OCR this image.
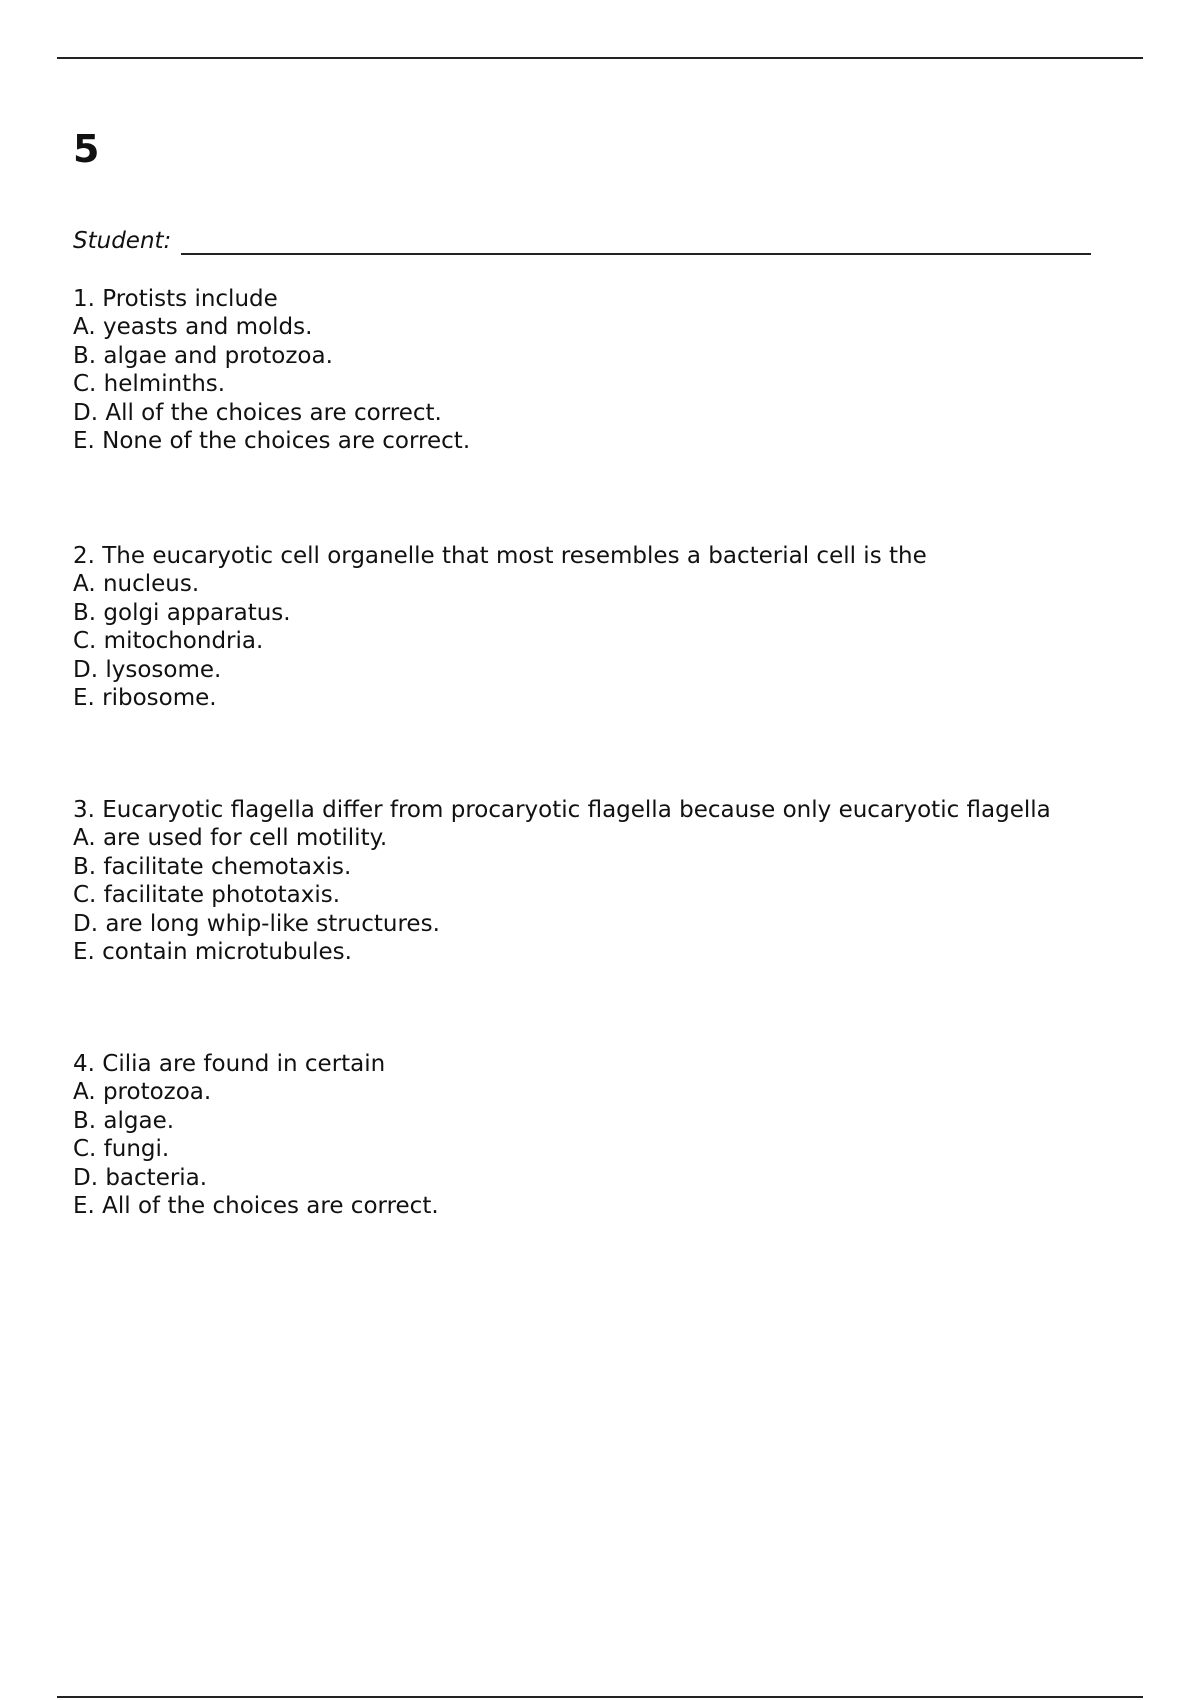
5
Student:
1. Protists include
A. yeasts and molds.
B. algae and protozoa.
C. helminths.
D. All of the choices are correct.
E. None of the choices are correct.
2. The eucaryotic cell organelle that most resembles a bacterial cell is the
A. nucleus.
B. golgi apparatus.
C. mitochondria.
D. lysosome.
E. ribosome.
3. Eucaryotic flagella differ from procaryotic flagella because only eucaryotic flagella
A. are used for cell motility.
B. facilitate chemotaxis.
C. facilitate phototaxis.
D. are long whip-like structures.
E. contain microtubules.
4. Cilia are found in certain
A. protozoa.
B. algae.
C. fungi.
D. bacteria.
E. All of the choices are correct.
